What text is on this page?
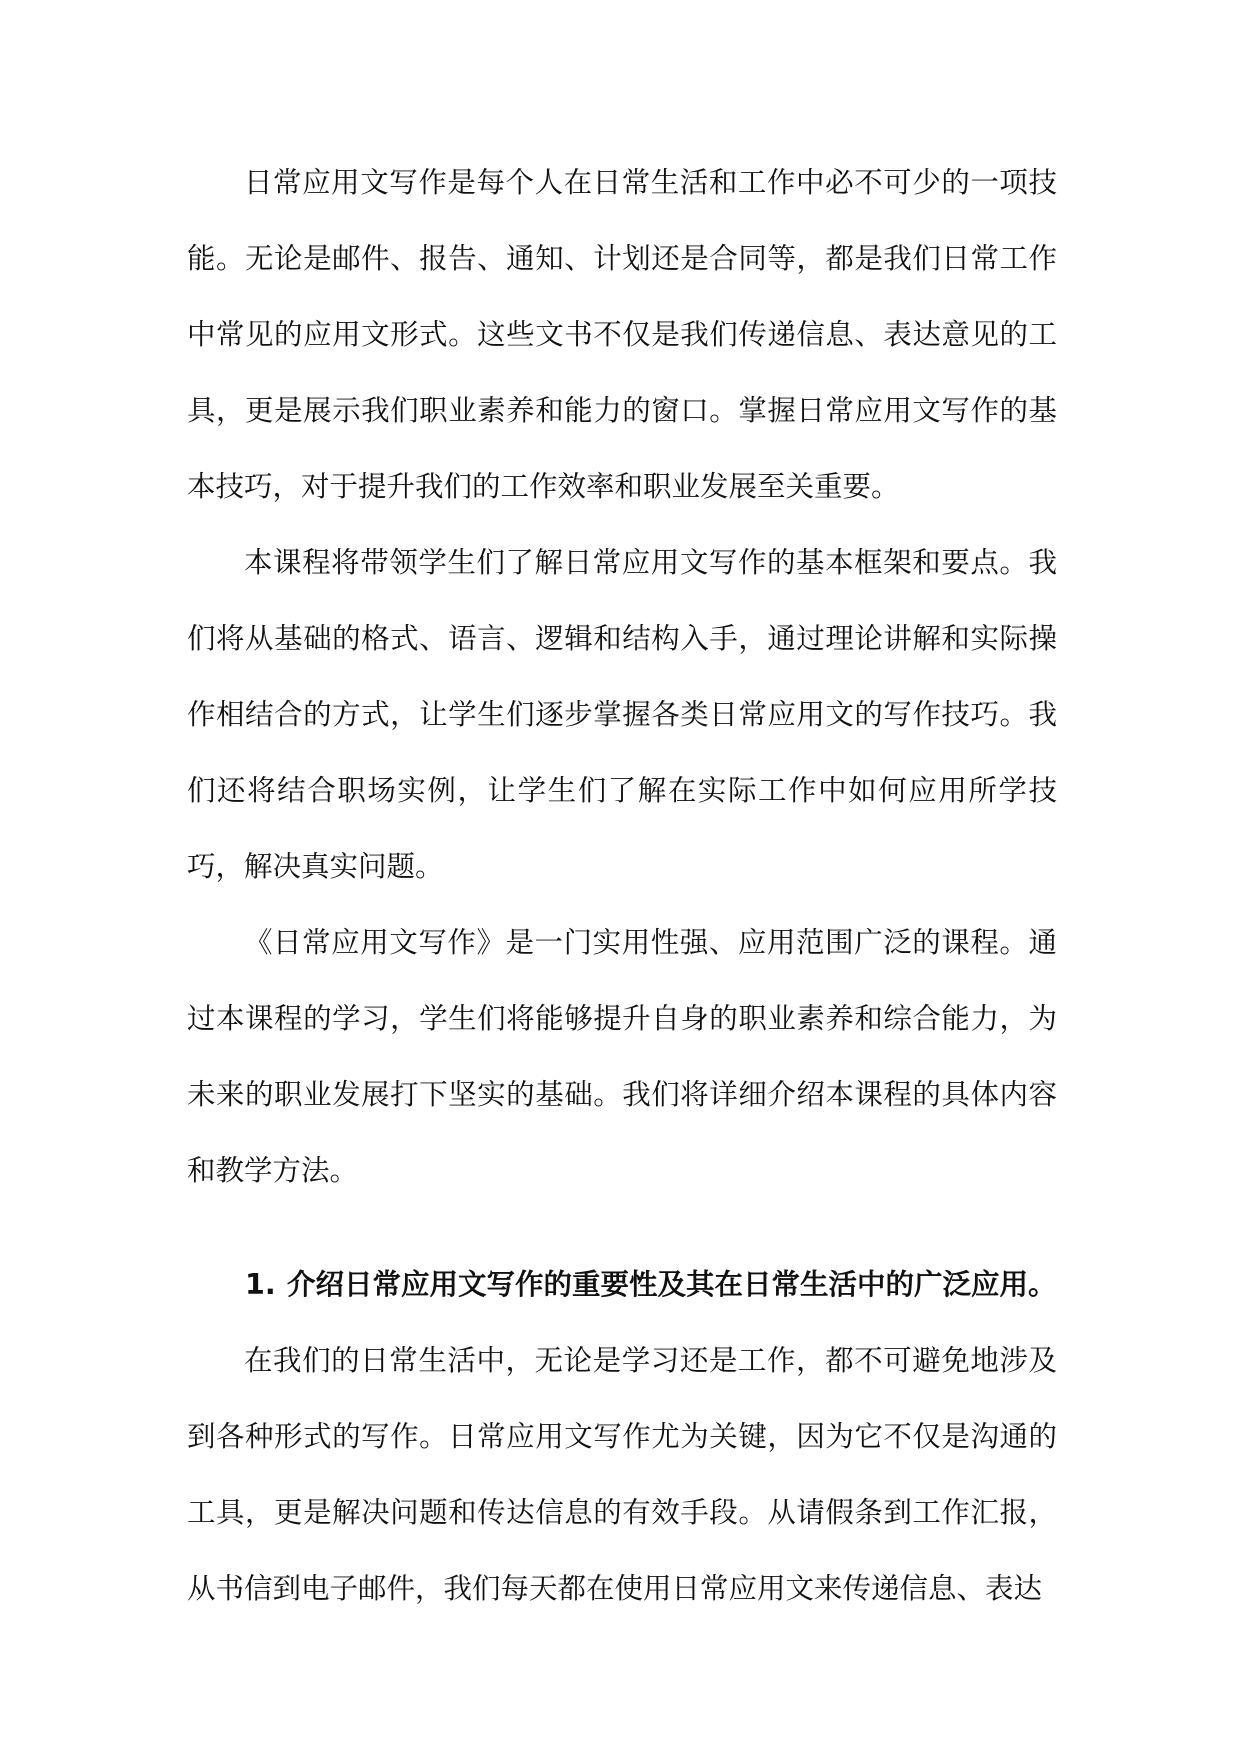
日常应用文写作是每个人在日常生活和工作中必不可少的一项技能。无论是邮件、报告、通知、计划还是合同等，都是我们日常工作中常见的应用文形式。这些文书不仅是我们传递信息、表达意见的工具，更是展示我们职业素养和能力的窗口。掌握日常应用文写作的基本技巧，对于提升我们的工作效率和职业发展至关重要。

本课程将带领学生们了解日常应用文写作的基本框架和要点。我们将从基础的格式、语言、逻辑和结构入手，通过理论讲解和实际操作相结合的方式，让学生们逐步掌握各类日常应用文的写作技巧。我们还将结合职场实例，让学生们了解在实际工作中如何应用所学技巧，解决真实问题。

《日常应用文写作》是一门实用性强、应用范围广泛的课程。通过本课程的学习，学生们将能够提升自身的职业素养和综合能力，为未来的职业发展打下坚实的基础。我们将详细介绍本课程的具体内容和教学方法。

1. 介绍日常应用文写作的重要性及其在日常生活中的广泛应用。

在我们的日常生活中，无论是学习还是工作，都不可避免地涉及到各种形式的写作。日常应用文写作尤为关键，因为它不仅是沟通的工具，更是解决问题和传达信息的有效手段。从请假条到工作汇报，从书信到电子邮件，我们每天都在使用日常应用文来传递信息、表达
